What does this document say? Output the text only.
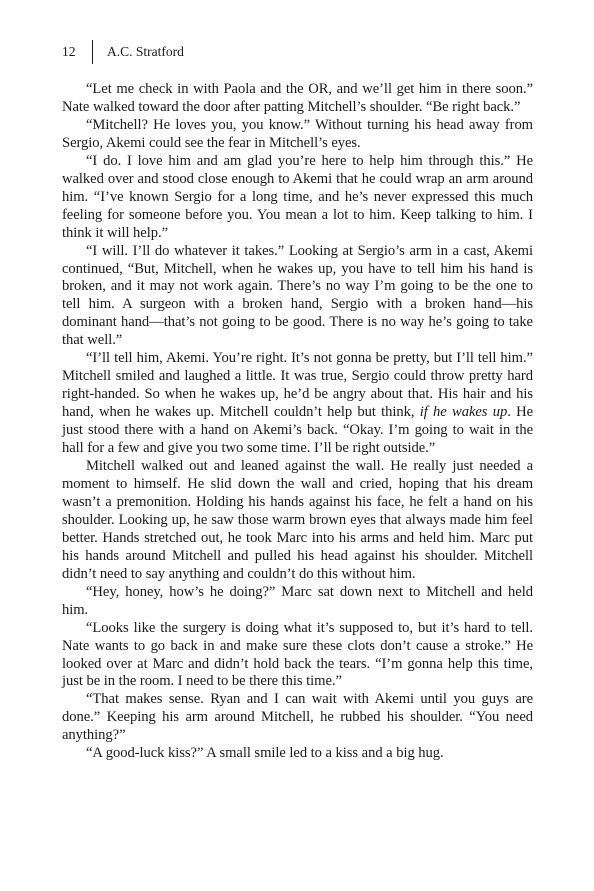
12	A.C. Stratford

“Let me check in with Paola and the OR, and we’ll get him in there soon.” Nate walked toward the door after patting Mitchell’s shoulder. “Be right back.”

“Mitchell? He loves you, you know.” Without turning his head away from Sergio, Akemi could see the fear in Mitchell’s eyes.

“I do. I love him and am glad you’re here to help him through this.” He walked over and stood close enough to Akemi that he could wrap an arm around him. “I’ve known Sergio for a long time, and he’s never expressed this much feeling for someone before you. You mean a lot to him. Keep talking to him. I think it will help.”

“I will. I’ll do whatever it takes.” Looking at Sergio’s arm in a cast, Akemi continued, “But, Mitchell, when he wakes up, you have to tell him his hand is broken, and it may not work again. There’s no way I’m going to be the one to tell him. A surgeon with a broken hand, Sergio with a broken hand—his dominant hand—that’s not going to be good. There is no way he’s going to take that well.”

“I’ll tell him, Akemi. You’re right. It’s not gonna be pretty, but I’ll tell him.” Mitchell smiled and laughed a little. It was true, Sergio could throw pretty hard right-handed. So when he wakes up, he’d be angry about that. His hair and his hand, when he wakes up. Mitchell couldn’t help but think, if he wakes up. He just stood there with a hand on Akemi’s back. “Okay. I’m going to wait in the hall for a few and give you two some time. I’ll be right outside.”

Mitchell walked out and leaned against the wall. He really just needed a moment to himself. He slid down the wall and cried, hoping that his dream wasn’t a premonition. Holding his hands against his face, he felt a hand on his shoulder. Looking up, he saw those warm brown eyes that always made him feel better. Hands stretched out, he took Marc into his arms and held him. Marc put his hands around Mitchell and pulled his head against his shoulder. Mitchell didn’t need to say anything and couldn’t do this without him.

“Hey, honey, how’s he doing?” Marc sat down next to Mitchell and held him.

“Looks like the surgery is doing what it’s supposed to, but it’s hard to tell. Nate wants to go back in and make sure these clots don’t cause a stroke.” He looked over at Marc and didn’t hold back the tears. “I’m gonna help this time, just be in the room. I need to be there this time.”

“That makes sense. Ryan and I can wait with Akemi until you guys are done.” Keeping his arm around Mitchell, he rubbed his shoulder. “You need anything?”

“A good-luck kiss?” A small smile led to a kiss and a big hug.
